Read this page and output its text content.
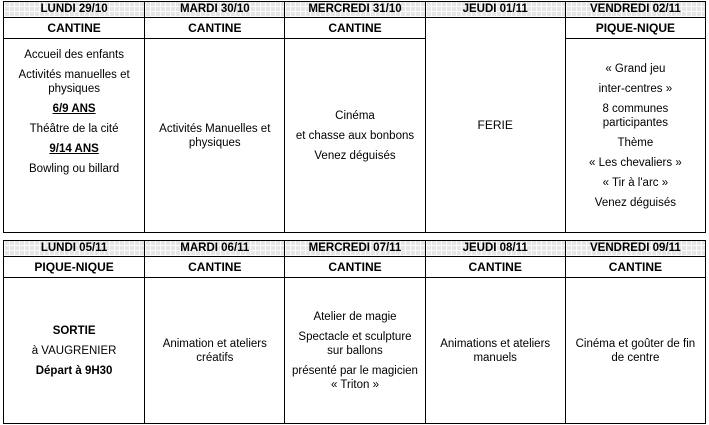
LUNDI 29/10
CANTINE
Accueil des enfants
Activités manuelles et physiques
6/9 ANS
Théâtre de la cité
9/14 ANS
Bowling ou billard
MARDI 30/10
CANTINE
Activités Manuelles et physiques
MERCREDI 31/10
CANTINE
Cinéma
et chasse aux bonbons
Venez déguisés
JEUDI 01/11
FERIE
VENDREDI 02/11
PIQUE-NIQUE
« Grand jeu
inter-centres »
8 communes participantes
Thème
« Les chevaliers »
« Tir à l'arc »
Venez déguisés
LUNDI 05/11
PIQUE-NIQUE
SORTIE
à VAUGRENIER
Départ à 9H30
MARDI 06/11
CANTINE
Animation et ateliers créatifs
MERCREDI 07/11
CANTINE
Atelier de magie
Spectacle et sculpture sur ballons
présenté par le magicien « Triton »
JEUDI 08/11
CANTINE
Animations et ateliers manuels
VENDREDI 09/11
CANTINE
Cinéma et goûter de fin de centre
